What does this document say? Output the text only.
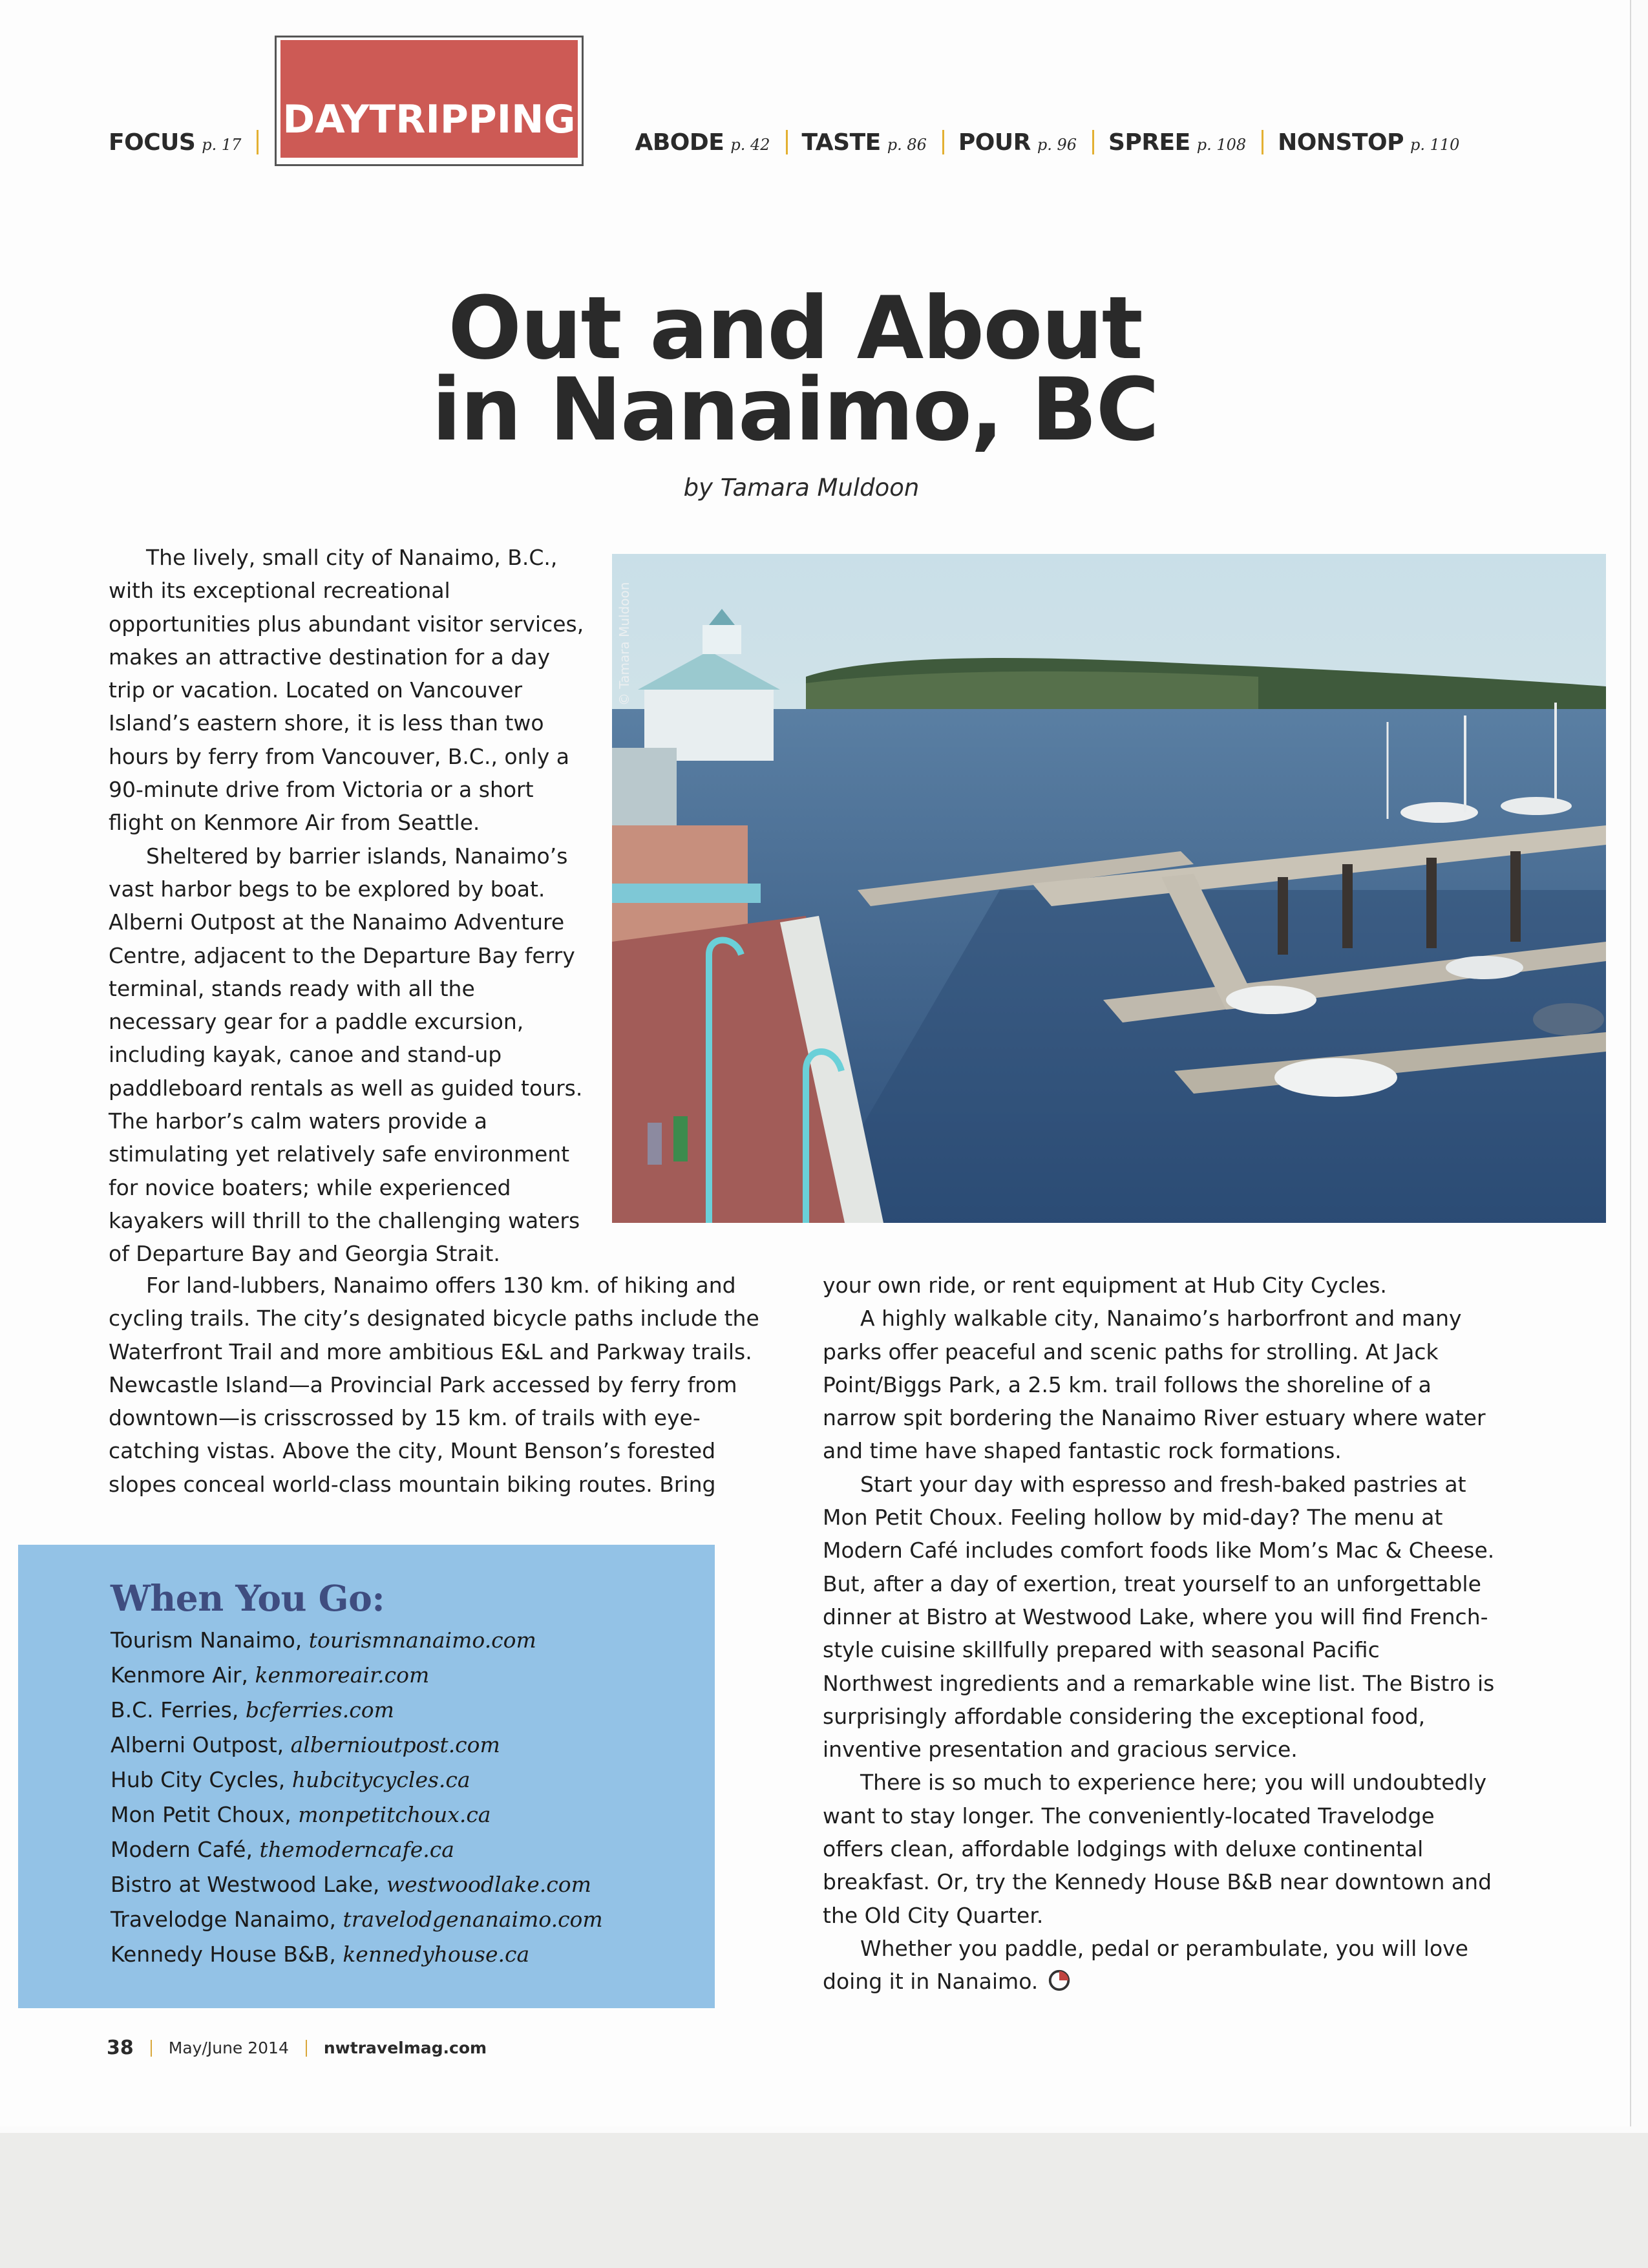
FOCUS p. 17	ABODE p. 42 TASTE p. 86 POUR p. 96 SPREE p. 108 NONSTOP p. 110
DAYTRIPPING
Out and About
in Nanaimo, BC
by Tamara Muldoon

The lively, small city of Nanaimo, B.C., with its exceptional recreational opportunities plus abundant visitor services, makes an attractive destination for a day trip or vacation. Located on Vancouver Island’s eastern shore, it is less than two hours by ferry from Vancouver, B.C., only a 90-minute drive from Victoria or a short flight on Kenmore Air from Seattle.

Sheltered by barrier islands, Nanaimo’s vast harbor begs to be explored by boat. Alberni Outpost at the Nanaimo Adventure Centre, adjacent to the Departure Bay ferry terminal, stands ready with all the necessary gear for a paddle excursion, including kayak, canoe and stand-up paddleboard rentals as well as guided tours. The harbor’s calm waters provide a stimulating yet relatively safe environment for novice boaters; while experienced kayakers will thrill to the challenging waters of Departure Bay and Georgia Strait.

© Tamara Muldoon

For land-lubbers, Nanaimo offers 130 km. of hiking and cycling trails. The city’s designated bicycle paths include the Waterfront Trail and more ambitious E&L and Parkway trails. Newcastle Island—a Provincial Park accessed by ferry from downtown—is crisscrossed by 15 km. of trails with eye-catching vistas. Above the city, Mount Benson’s forested slopes conceal world-class mountain biking routes. Bring

your own ride, or rent equipment at Hub City Cycles.

A highly walkable city, Nanaimo’s harborfront and many parks offer peaceful and scenic paths for strolling. At Jack Point/Biggs Park, a 2.5 km. trail follows the shoreline of a narrow spit bordering the Nanaimo River estuary where water and time have shaped fantastic rock formations.

Start your day with espresso and fresh-baked pastries at Mon Petit Choux. Feeling hollow by mid-day? The menu at Modern Café includes comfort foods like Mom’s Mac & Cheese. But, after a day of exertion, treat yourself to an unforgettable dinner at Bistro at Westwood Lake, where you will find French-style cuisine skillfully prepared with seasonal Pacific Northwest ingredients and a remarkable wine list. The Bistro is surprisingly affordable considering the exceptional food, inventive presentation and gracious service.

There is so much to experience here; you will undoubtedly want to stay longer. The conveniently-located Travelodge offers clean, affordable lodgings with deluxe continental breakfast. Or, try the Kennedy House B&B near downtown and the Old City Quarter.

Whether you paddle, pedal or perambulate, you will love doing it in Nanaimo.

When You Go:
Tourism Nanaimo, tourismnanaimo.com
Kenmore Air, kenmoreair.com
B.C. Ferries, bcferries.com
Alberni Outpost, alberniоutpost.com
Hub City Cycles, hubcitycycles.ca
Mon Petit Choux, monpetitchoux.ca
Modern Café, themoderncafe.ca
Bistro at Westwood Lake, westwoodlake.com
Travelodge Nanaimo, travelodgenanaimo.com
Kennedy House B&B, kennedyhouse.ca
38 May/June 2014 nwtravelmag.com
